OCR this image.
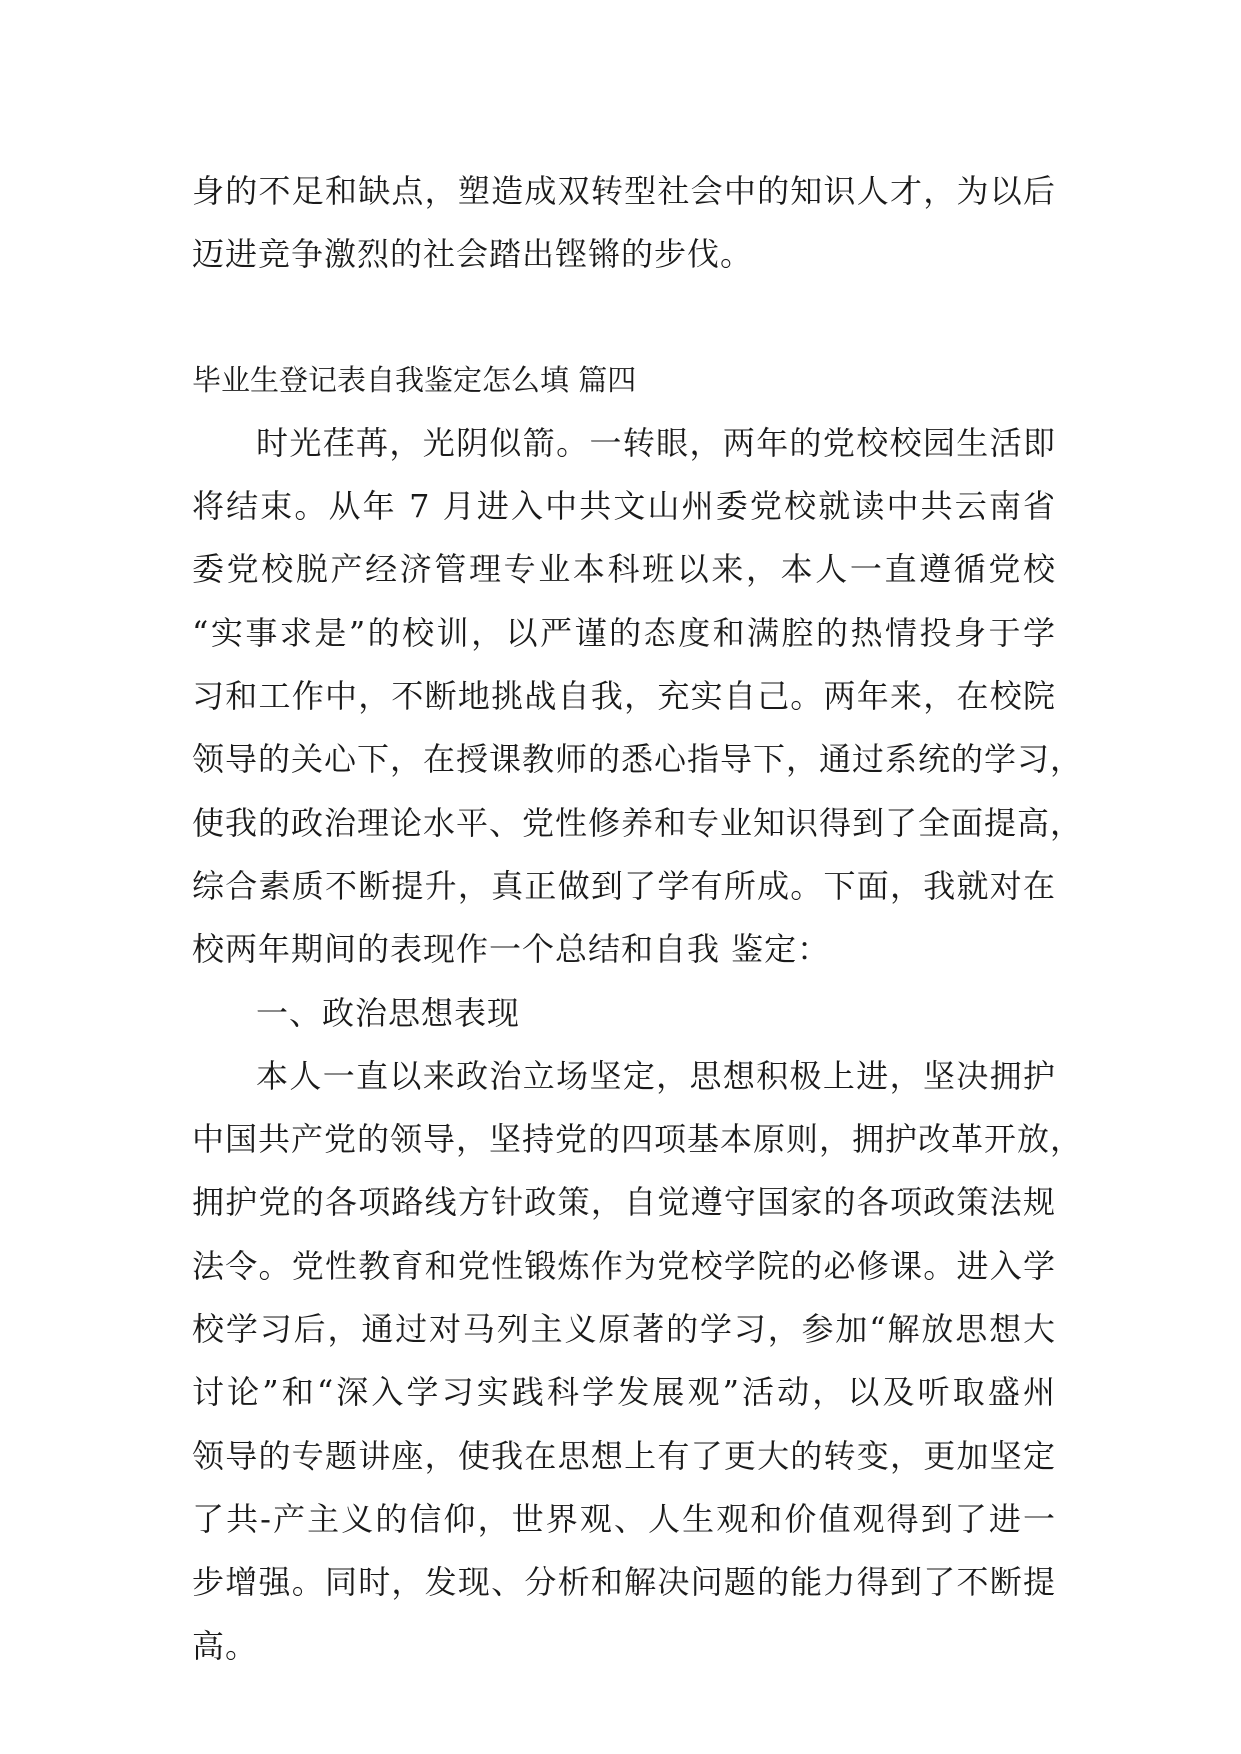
身的不足和缺点，塑造成双转型社会中的知识人才，为以后
迈进竞争激烈的社会踏出铿锵的步伐。
毕业生登记表自我鉴定怎么填 篇四
时光荏苒，光阴似箭。一转眼，两年的党校校园生活即
将结束。从年 7 月进入中共文山州委党校就读中共云南省
委党校脱产经济管理专业本科班以来，本人一直遵循党校
“实事求是”的校训，以严谨的态度和满腔的热情投身于学
习和工作中，不断地挑战自我，充实自己。两年来，在校院
领导的关心下，在授课教师的悉心指导下，通过系统的学习，
使我的政治理论水平、党性修养和专业知识得到了全面提高，
综合素质不断提升，真正做到了学有所成。下面，我就对在
校两年期间的表现作一个总结和自我 鉴定：
一、政治思想表现
本人一直以来政治立场坚定，思想积极上进，坚决拥护
中国共产党的领导，坚持党的四项基本原则，拥护改革开放，
拥护党的各项路线方针政策，自觉遵守国家的各项政策法规
法令。党性教育和党性锻炼作为党校学院的必修课。进入学
校学习后，通过对马列主义原著的学习，参加“解放思想大
讨论”和“深入学习实践科学发展观”活动，以及听取盛州
领导的专题讲座，使我在思想上有了更大的转变，更加坚定
了共-产主义的信仰，世界观、人生观和价值观得到了进一
步增强。同时，发现、分析和解决问题的能力得到了不断提
高。
